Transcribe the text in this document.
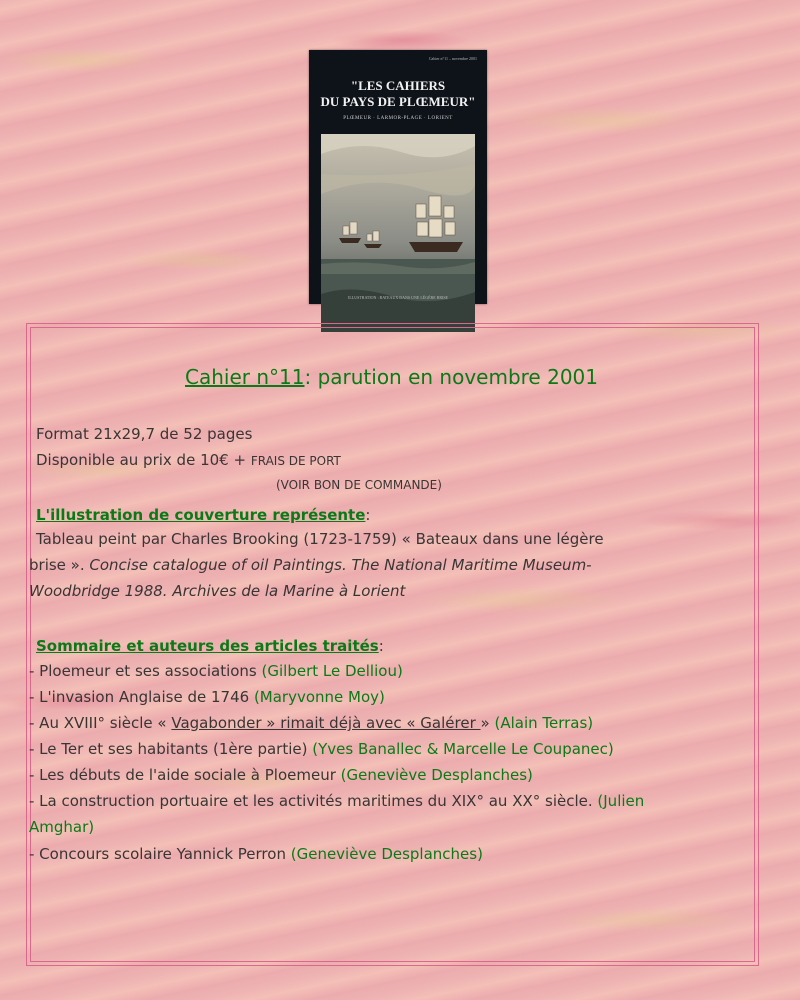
Cahier n°11 – novembre 2001
"LES CAHIERS
DU PAYS DE PLŒMEUR"
PLŒMEUR · LARMOR-PLAGE · LORIENT
ILLUSTRATION : BATEAUX DANS UNE LÉGÈRE BRISE
Cahier n°11: parution en novembre 2001
Format 21x29,7 de 52 pages
Disponible au prix de 10€ + FRAIS DE PORT
(VOIR BON DE COMMANDE)
L'illustration de couverture représente:
Tableau peint par Charles Brooking (1723-1759) « Bateaux dans une légère
brise ». Concise catalogue of oil Paintings. The National Maritime Museum-
Woodbridge 1988. Archives de la Marine à Lorient
Sommaire et auteurs des articles traités:
- Ploemeur et ses associations (Gilbert Le Delliou)
- L'invasion Anglaise de 1746 (Maryvonne Moy)
- Au XVIII° siècle « Vagabonder » rimait déjà avec « Galérer » (Alain Terras)
- Le Ter et ses habitants (1ère partie) (Yves Banallec & Marcelle Le Coupanec)
- Les débuts de l'aide sociale à Ploemeur (Geneviève Desplanches)
- La construction portuaire et les activités maritimes du XIX° au XX° siècle. (Julien
Amghar)
- Concours scolaire Yannick Perron (Geneviève Desplanches)
